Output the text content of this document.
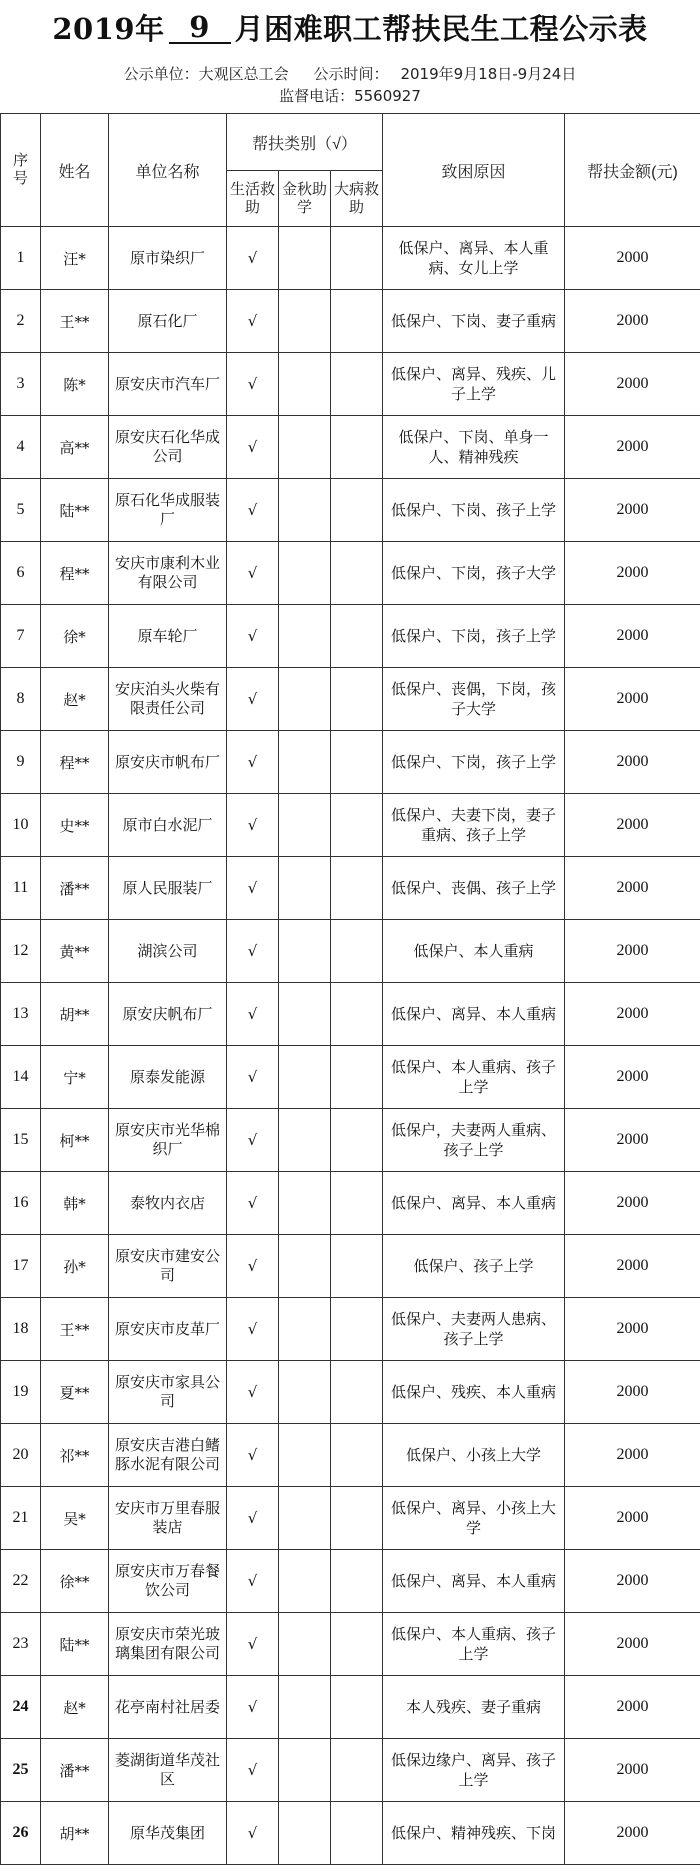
2019年 9 月困难职工帮扶民生工程公示表
公示单位：大观区总工会 公示时间： 2019年9月18日-9月24日
监督电话：5560927
序号	姓名	单位名称	帮扶类别（√）			致困原因	帮扶金额(元)
			生活救助	金秋助学	大病救助		
1	汪*	原市染织厂	√			低保户、离异、本人重病、女儿上学	2000
2	王**	原石化厂	√			低保户、下岗、妻子重病	2000
3	陈*	原安庆市汽车厂	√			低保户、离异、残疾、儿子上学	2000
4	高**	原安庆石化华成公司	√			低保户、下岗、单身一人、精神残疾	2000
5	陆**	原石化华成服装厂	√			低保户、下岗、孩子上学	2000
6	程**	安庆市康利木业有限公司	√			低保户、下岗，孩子大学	2000
7	徐*	原车轮厂	√			低保户、下岗，孩子上学	2000
8	赵*	安庆泊头火柴有限责任公司	√			低保户、丧偶，下岗，孩子大学	2000
9	程**	原安庆市帆布厂	√			低保户、下岗，孩子上学	2000
10	史**	原市白水泥厂	√			低保户、夫妻下岗，妻子重病、孩子上学	2000
11	潘**	原人民服装厂	√			低保户、丧偶、孩子上学	2000
12	黄**	湖滨公司	√			低保户、本人重病	2000
13	胡**	原安庆帆布厂	√			低保户、离异、本人重病	2000
14	宁*	原泰发能源	√			低保户、本人重病、孩子上学	2000
15	柯**	原安庆市光华棉织厂	√			低保户，夫妻两人重病、孩子上学	2000
16	韩*	泰牧内衣店	√			低保户、离异、本人重病	2000
17	孙*	原安庆市建安公司	√			低保户、孩子上学	2000
18	王**	原安庆市皮革厂	√			低保户、夫妻两人患病、孩子上学	2000
19	夏**	原安庆市家具公司	√			低保户、残疾、本人重病	2000
20	祁**	原安庆吉港白鳍豚水泥有限公司	√			低保户、小孩上大学	2000
21	吴*	安庆市万里春服装店	√			低保户、离异、小孩上大学	2000
22	徐**	原安庆市万春餐饮公司	√			低保户、离异、本人重病	2000
23	陆**	原安庆市荣光玻璃集团有限公司	√			低保户、本人重病、孩子上学	2000
24	赵*	花亭南村社居委	√			本人残疾、妻子重病	2000
25	潘**	菱湖街道华茂社区	√			低保边缘户、离异、孩子上学	2000
26	胡**	原华茂集团	√			低保户、精神残疾、下岗	2000
